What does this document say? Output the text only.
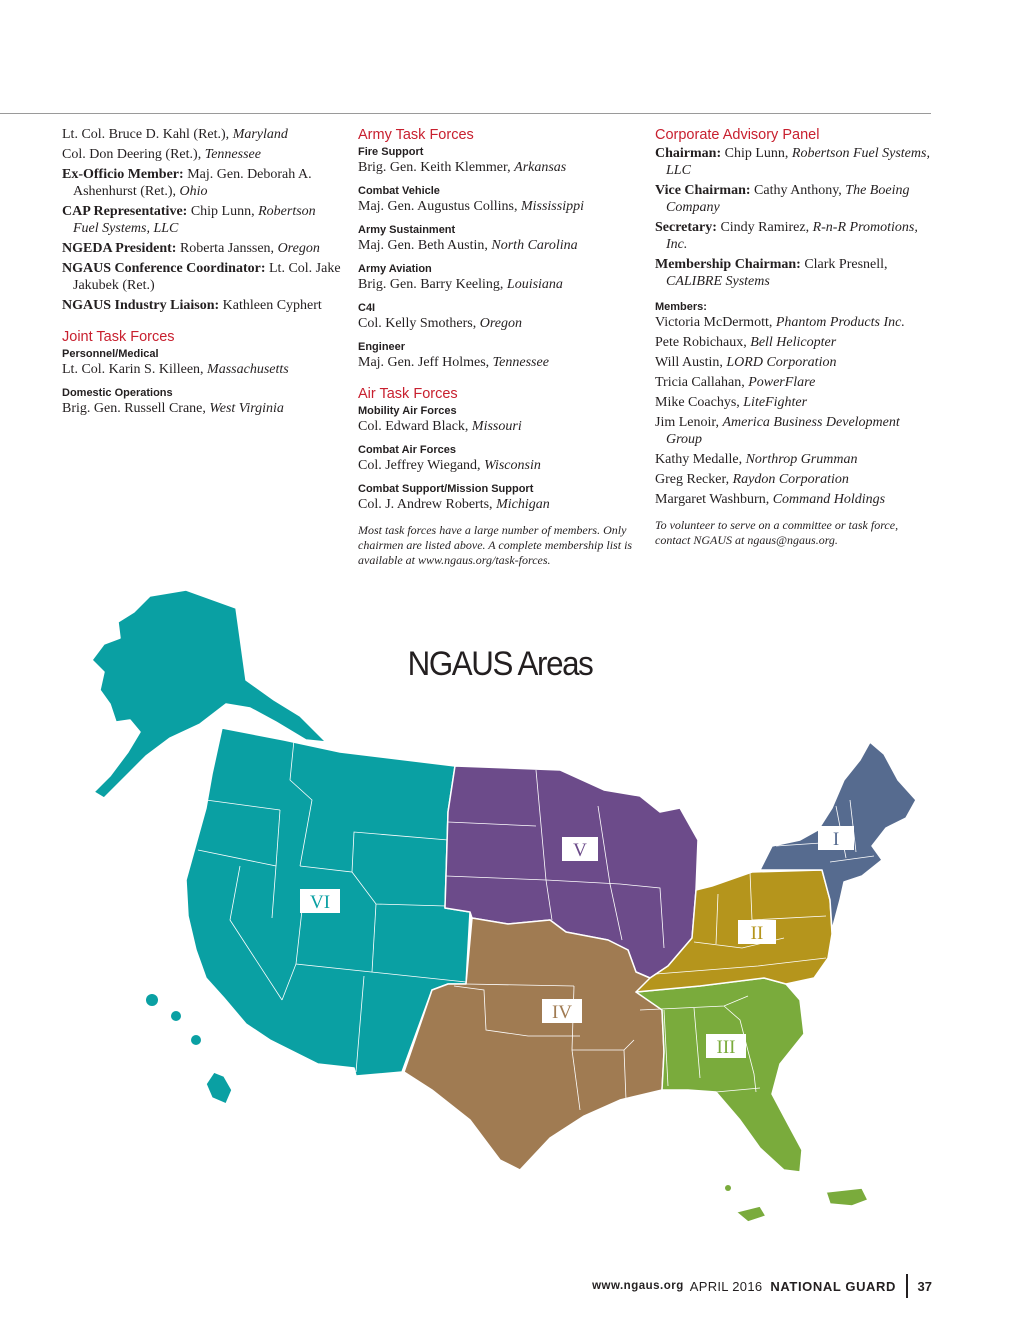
Lt. Col. Bruce D. Kahl (Ret.), Maryland
Col. Don Deering (Ret.), Tennessee
Ex-Officio Member: Maj. Gen. Deborah A. Ashenhurst (Ret.), Ohio
CAP Representative: Chip Lunn, Robertson Fuel Systems, LLC
NGEDA President: Roberta Janssen, Oregon
NGAUS Conference Coordinator: Lt. Col. Jake Jakubek (Ret.)
NGAUS Industry Liaison: Kathleen Cyphert
Joint Task Forces
Personnel/Medical
Lt. Col. Karin S. Killeen, Massachusetts
Domestic Operations
Brig. Gen. Russell Crane, West Virginia
Army Task Forces
Fire Support
Brig. Gen. Keith Klemmer, Arkansas
Combat Vehicle
Maj. Gen. Augustus Collins, Mississippi
Army Sustainment
Maj. Gen. Beth Austin, North Carolina
Army Aviation
Brig. Gen. Barry Keeling, Louisiana
C4I
Col. Kelly Smothers, Oregon
Engineer
Maj. Gen. Jeff Holmes, Tennessee
Air Task Forces
Mobility Air Forces
Col. Edward Black, Missouri
Combat Air Forces
Col. Jeffrey Wiegand, Wisconsin
Combat Support/Mission Support
Col. J. Andrew Roberts, Michigan
Most task forces have a large number of members. Only chairmen are listed above. A complete membership list is available at www.ngaus.org/task-forces.
Corporate Advisory Panel
Chairman: Chip Lunn, Robertson Fuel Systems, LLC
Vice Chairman: Cathy Anthony, The Boeing Company
Secretary: Cindy Ramirez, R-n-R Promotions, Inc.
Membership Chairman: Clark Presnell, CALIBRE Systems
Members:
Victoria McDermott, Phantom Products Inc.
Pete Robichaux, Bell Helicopter
Will Austin, LORD Corporation
Tricia Callahan, PowerFlare
Mike Coachys, LiteFighter
Jim Lenoir, America Business Development Group
Kathy Medalle, Northrop Grumman
Greg Recker, Raydon Corporation
Margaret Washburn, Command Holdings
To volunteer to serve on a committee or task force, contact NGAUS at ngaus@ngaus.org.
I
II
III
IV
V
VI
NGAUS Areas
www.ngaus.org APRIL 2016 NATIONAL GUARD 37
